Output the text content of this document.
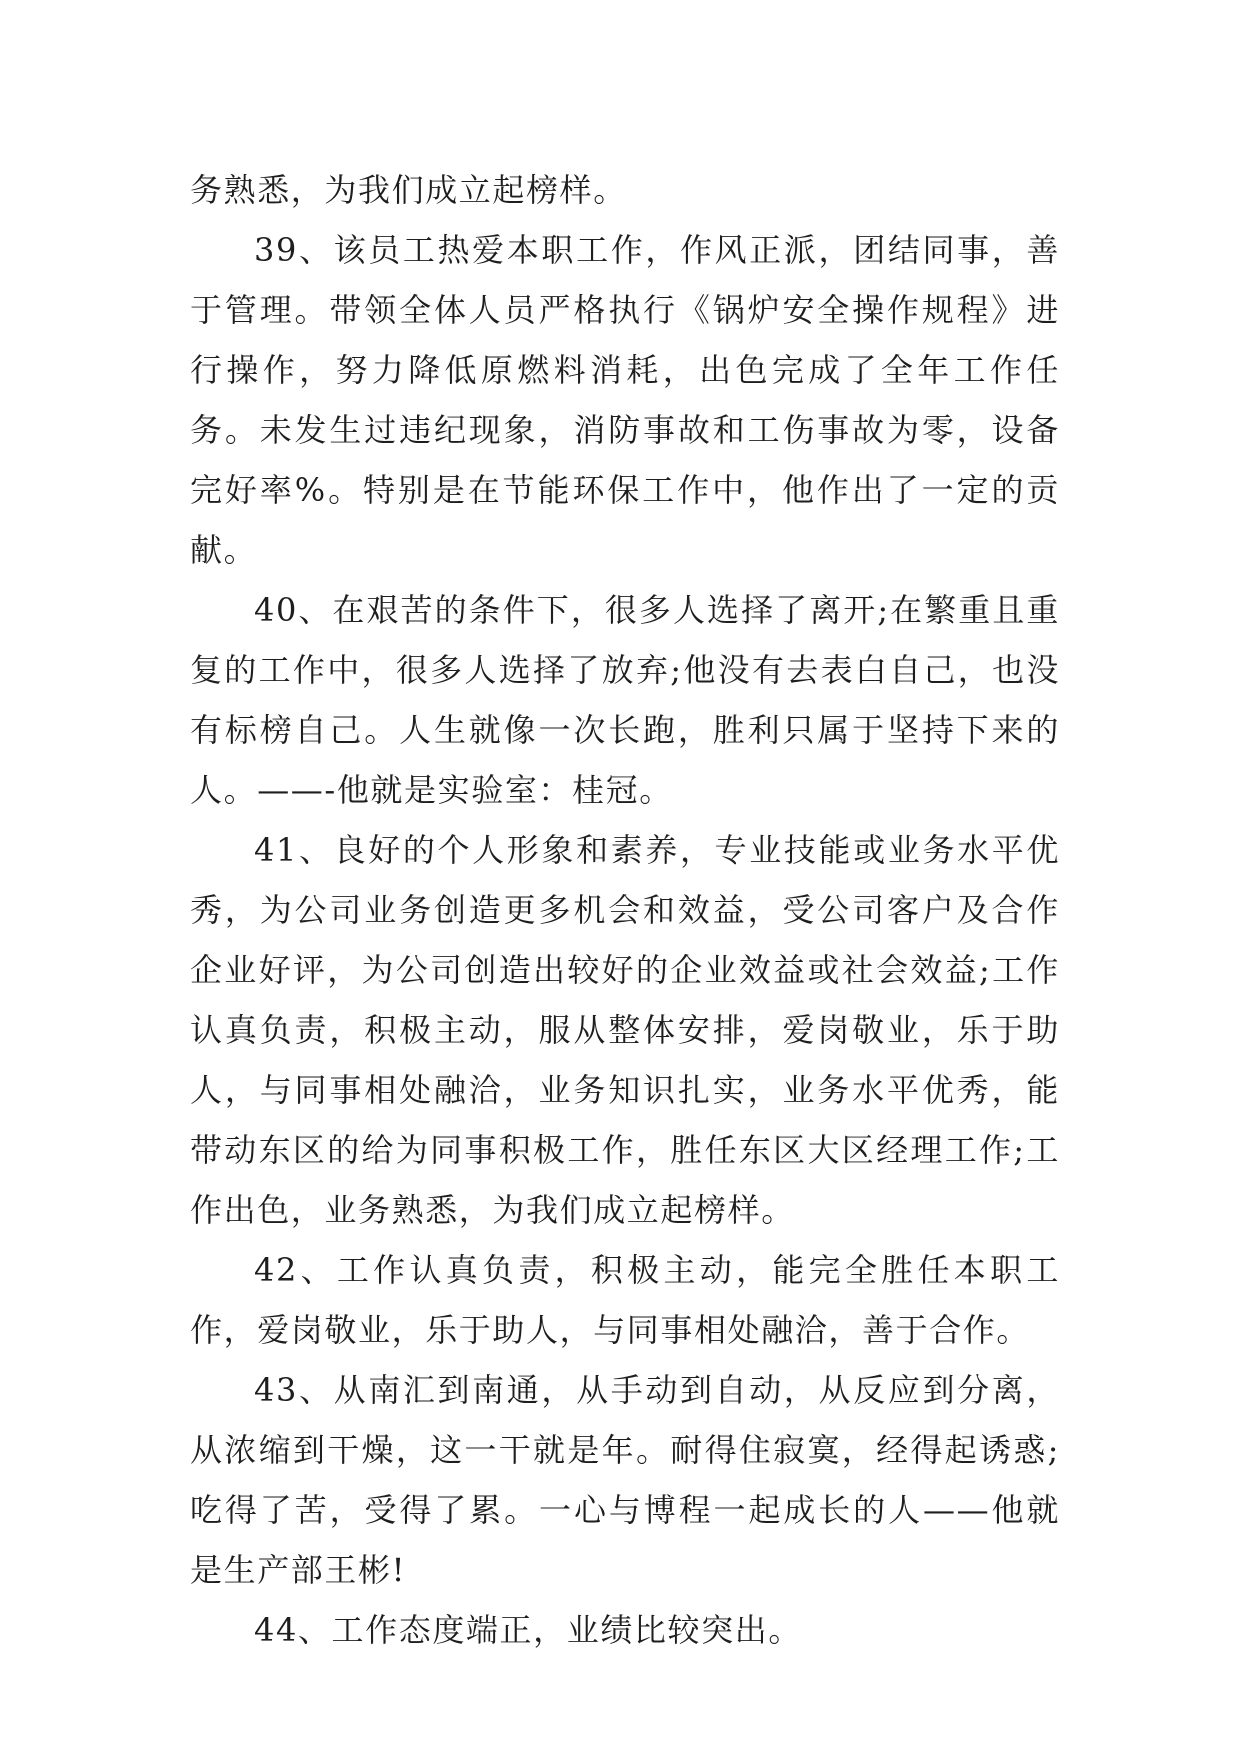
务熟悉，为我们成立起榜样。

39、该员工热爱本职工作，作风正派，团结同事，善于管理。带领全体人员严格执行《锅炉安全操作规程》进行操作，努力降低原燃料消耗，出色完成了全年工作任务。未发生过违纪现象，消防事故和工伤事故为零，设备完好率%。特别是在节能环保工作中，他作出了一定的贡献。

40、在艰苦的条件下，很多人选择了离开;在繁重且重复的工作中，很多人选择了放弃;他没有去表白自己，也没有标榜自己。人生就像一次长跑，胜利只属于坚持下来的人。——-他就是实验室：桂冠。

41、良好的个人形象和素养，专业技能或业务水平优秀，为公司业务创造更多机会和效益，受公司客户及合作企业好评，为公司创造出较好的企业效益或社会效益;工作认真负责，积极主动，服从整体安排，爱岗敬业，乐于助人，与同事相处融洽，业务知识扎实，业务水平优秀，能带动东区的给为同事积极工作，胜任东区大区经理工作;工作出色，业务熟悉，为我们成立起榜样。

42、工作认真负责，积极主动，能完全胜任本职工作，爱岗敬业，乐于助人，与同事相处融洽，善于合作。

43、从南汇到南通，从手动到自动，从反应到分离，从浓缩到干燥，这一干就是年。耐得住寂寞，经得起诱惑;吃得了苦，受得了累。一心与博程一起成长的人——他就是生产部王彬!

44、工作态度端正，业绩比较突出。
